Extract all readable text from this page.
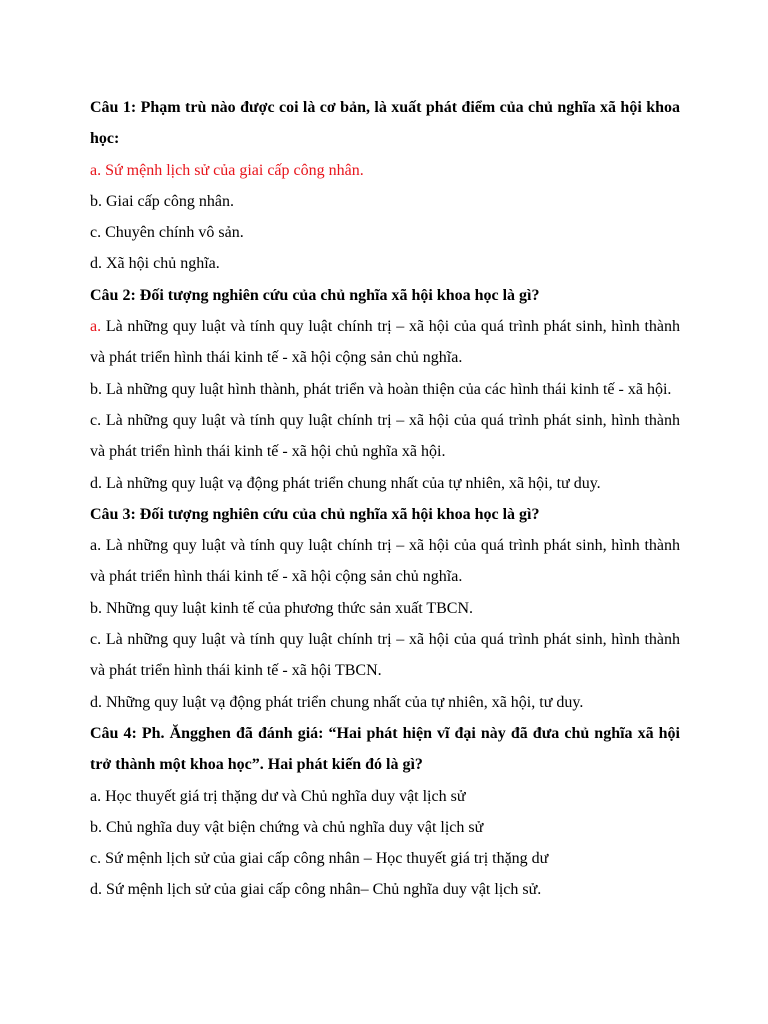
Câu 1: Phạm trù nào được coi là cơ bản, là xuất phát điểm của chủ nghĩa xã hội khoa học:
a. Sứ mệnh lịch sử của giai cấp công nhân.
b. Giai cấp công nhân.
c. Chuyên chính vô sản.
d. Xã hội chủ nghĩa.
Câu 2: Đối tượng nghiên cứu của chủ nghĩa xã hội khoa học là gì?
a. Là những quy luật và tính quy luật chính trị – xã hội của quá trình phát sinh, hình thành và phát triển hình thái kinh tế - xã hội cộng sản chủ nghĩa.
b. Là những quy luật hình thành, phát triển và hoàn thiện của các hình thái kinh tế - xã hội.
c. Là những quy luật và tính quy luật chính trị – xã hội của quá trình phát sinh, hình thành và phát triển hình thái kinh tế - xã hội chủ nghĩa xã hội.
d. Là những quy luật vạ động phát triển chung nhất của tự nhiên, xã hội, tư duy.
Câu 3: Đối tượng nghiên cứu của chủ nghĩa xã hội khoa học là gì?
a. Là những quy luật và tính quy luật chính trị – xã hội của quá trình phát sinh, hình thành và phát triển hình thái kinh tế - xã hội cộng sản chủ nghĩa.
b. Những quy luật kinh tế của phương thức sản xuất TBCN.
c. Là những quy luật và tính quy luật chính trị – xã hội của quá trình phát sinh, hình thành và phát triển hình thái kinh tế - xã hội TBCN.
d. Những quy luật vạ động phát triển chung nhất của tự nhiên, xã hội, tư duy.
Câu 4: Ph. Ăngghen đã đánh giá: “Hai phát hiện vĩ đại này đã đưa chủ nghĩa xã hội trở thành một khoa học”. Hai phát kiến đó là gì?
a. Học thuyết giá trị thặng dư và Chủ nghĩa duy vật lịch sử
b. Chủ nghĩa duy vật biện chứng và chủ nghĩa duy vật lịch sử
c. Sứ mệnh lịch sử của giai cấp công nhân – Học thuyết giá trị thặng dư
d. Sứ mệnh lịch sử của giai cấp công nhân– Chủ nghĩa duy vật lịch sử.
